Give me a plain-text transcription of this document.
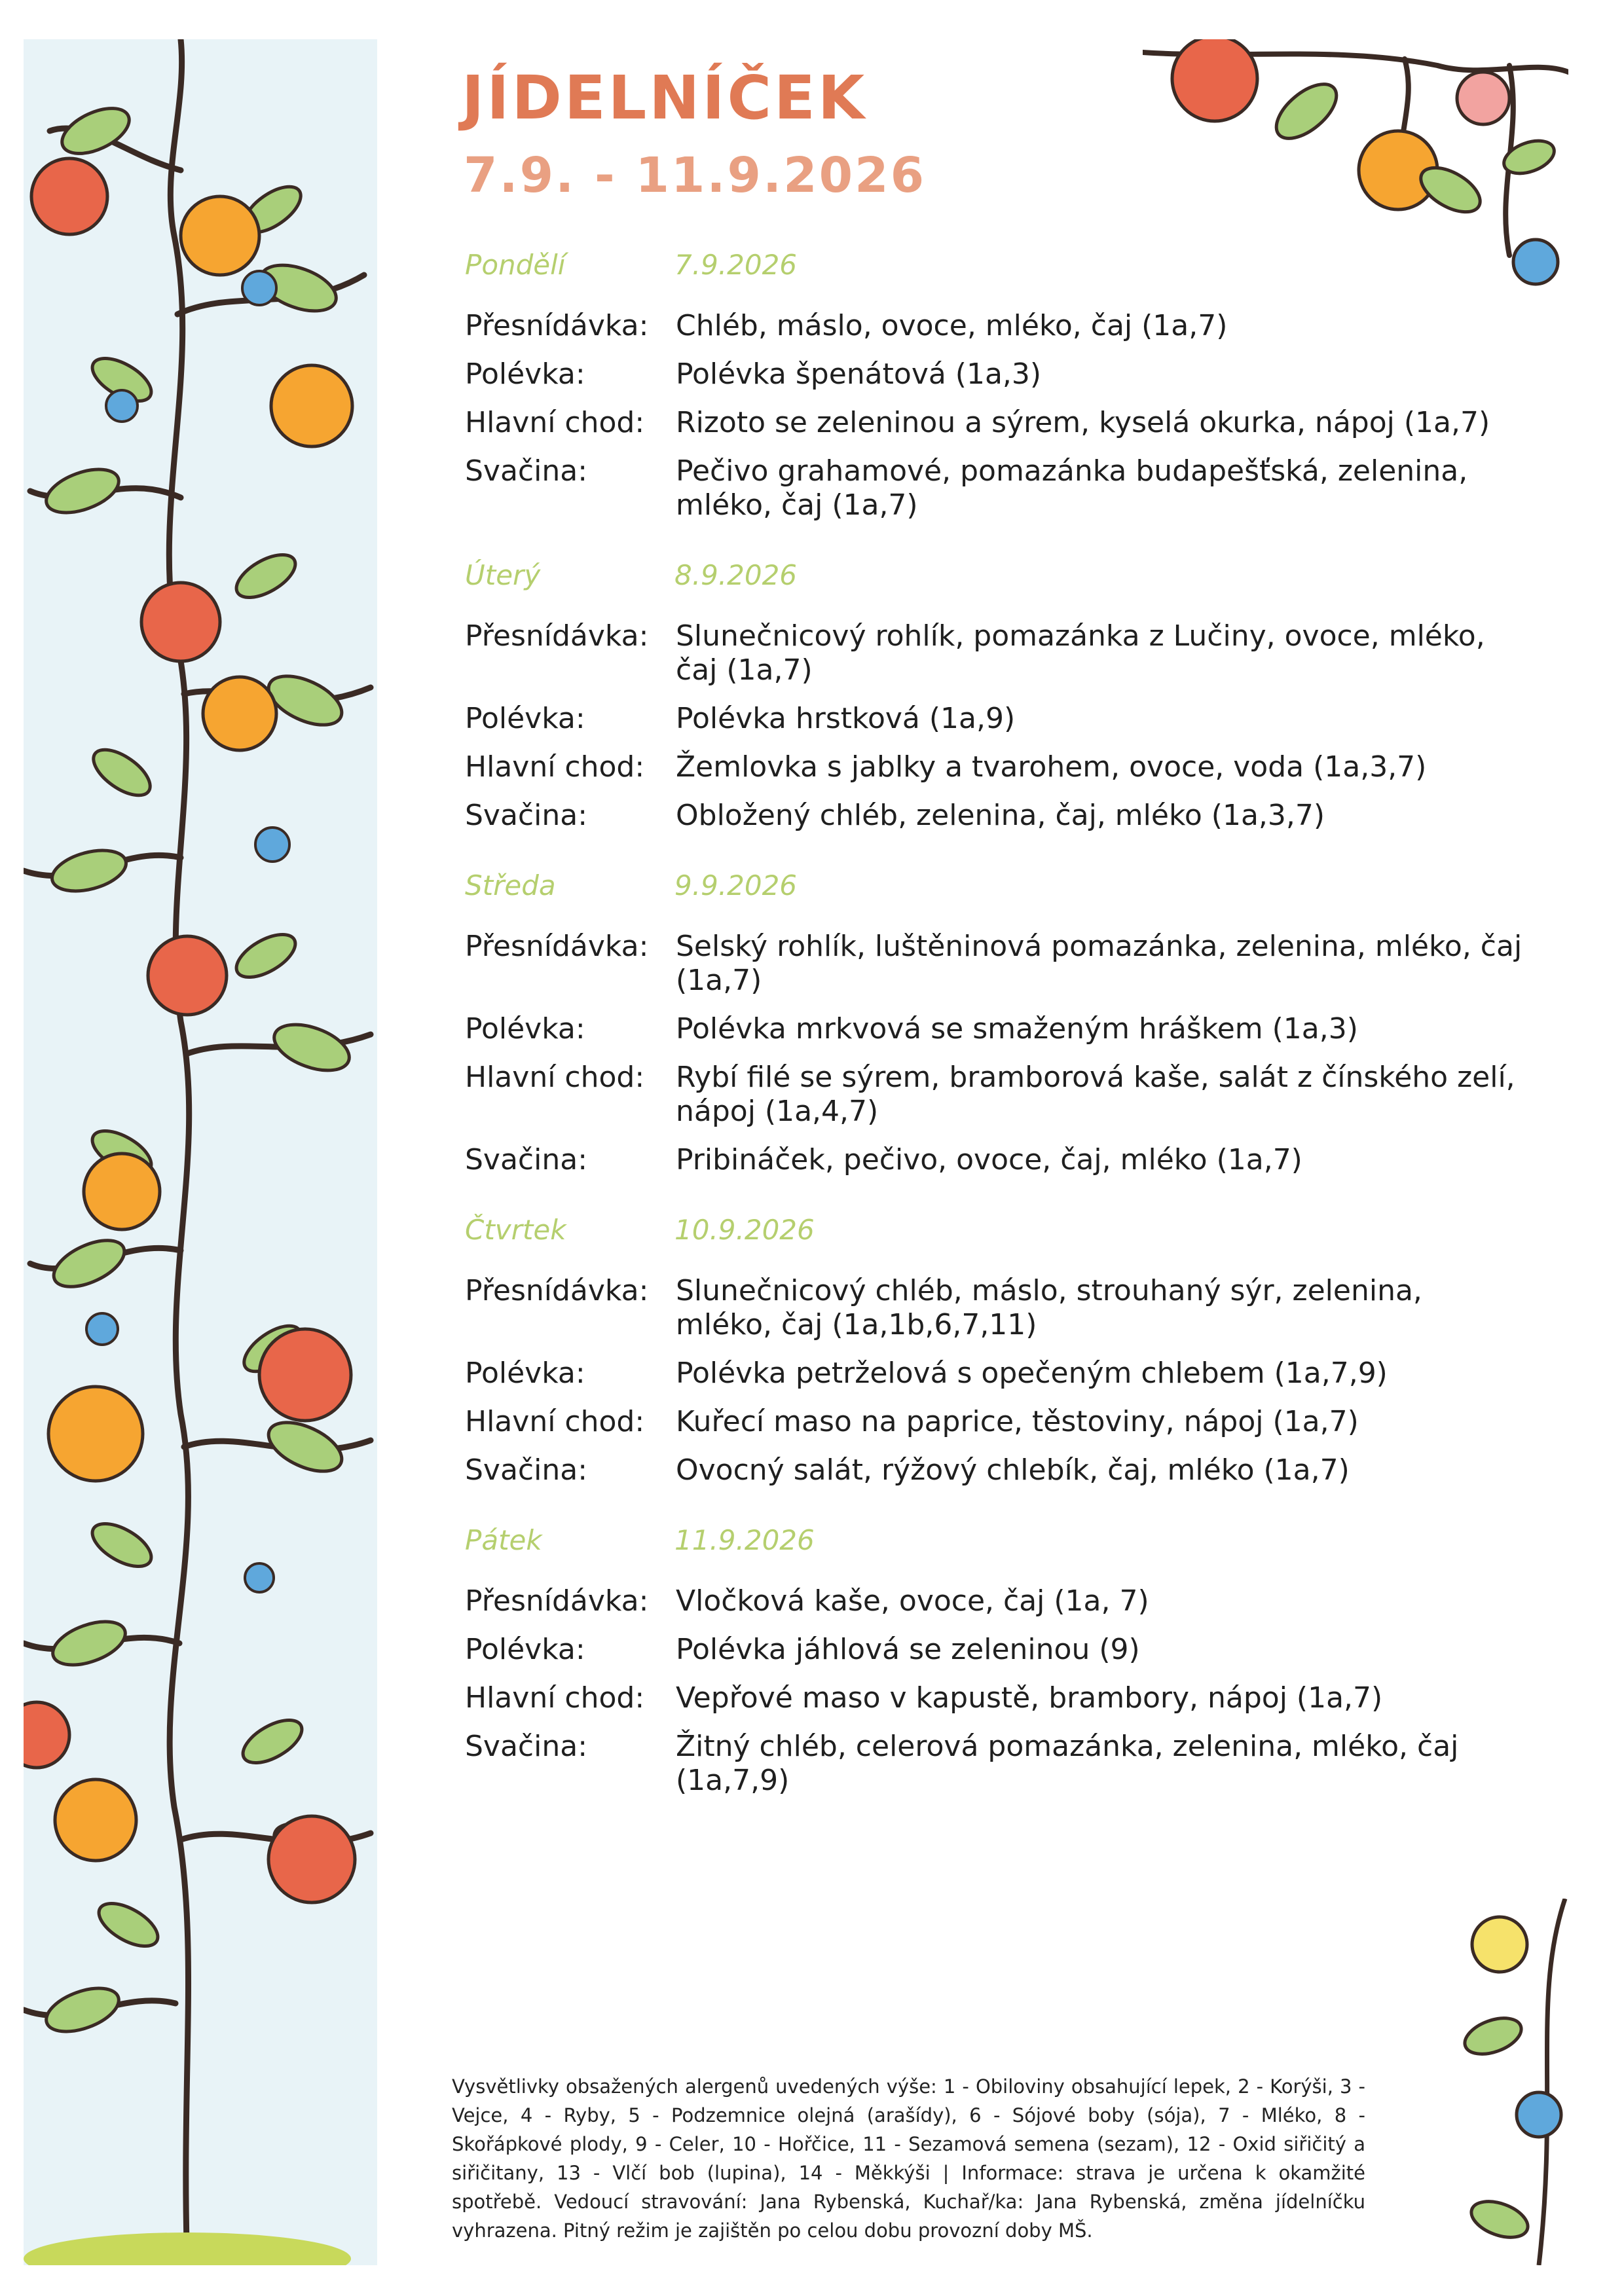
JÍDELNÍČEK
7.9. - 11.9.2026
Pondělí	7.9.2026
Přesnídávka: Chléb, máslo, ovoce, mléko, čaj (1a,7)
Polévka:	Polévka špenátová (1a,3)
Hlavní chod:	Rizoto se zeleninou a sýrem, kyselá okurka, nápoj (1a,7)
Svačina:	Pečivo grahamové, pomazánka budapešťská, zelenina, mléko, čaj (1a,7)
Úterý	8.9.2026
Přesnídávka: Slunečnicový rohlík, pomazánka z Lučiny, ovoce, mléko, čaj (1a,7)
Polévka:	Polévka hrstková (1a,9)
Hlavní chod:	Žemlovka s jablky a tvarohem, ovoce, voda (1a,3,7)
Svačina:	Obložený chléb, zelenina, čaj, mléko (1a,3,7)
Středa	9.9.2026
Přesnídávka: Selský rohlík, luštěninová pomazánka, zelenina, mléko, čaj (1a,7)
Polévka:	Polévka mrkvová se smaženým hráškem (1a,3)
Hlavní chod:	Rybí filé se sýrem, bramborová kaše, salát z čínského zelí, nápoj (1a,4,7)
Svačina:	Pribináček, pečivo, ovoce, čaj, mléko (1a,7)
Čtvrtek	10.9.2026
Přesnídávka: Slunečnicový chléb, máslo, strouhaný sýr, zelenina, mléko, čaj (1a,1b,6,7,11)
Polévka:	Polévka petrželová s opečeným chlebem (1a,7,9)
Hlavní chod:	Kuřecí maso na paprice, těstoviny, nápoj (1a,7)
Svačina:	Ovocný salát, rýžový chlebík, čaj, mléko (1a,7)
Pátek	11.9.2026
Přesnídávka: Vločková kaše, ovoce, čaj (1a, 7)
Polévka:	Polévka jáhlová se zeleninou (9)
Hlavní chod:	Vepřové maso v kapustě, brambory, nápoj (1a,7)
Svačina:	Žitný chléb, celerová pomazánka, zelenina, mléko, čaj (1a,7,9)
Vysvětlivky obsažených alergenů uvedených výše: 1 - Obiloviny obsahující lepek, 2 - Korýši, 3 - Vejce, 4 - Ryby, 5 - Podzemnice olejná (arašídy), 6 - Sójové boby (sója), 7 - Mléko, 8 - Skořápkové plody, 9 - Celer, 10 - Hořčice, 11 - Sezamová semena (sezam), 12 - Oxid siřičitý a siřičitany, 13 - Vlčí bob (lupina), 14 - Měkkýši | Informace: strava je určena k okamžité spotřebě. Vedoucí stravování: Jana Rybenská, Kuchař/ka: Jana Rybenská, změna jídelníčku vyhrazena. Pitný režim je zajištěn po celou dobu provozní doby MŠ.
